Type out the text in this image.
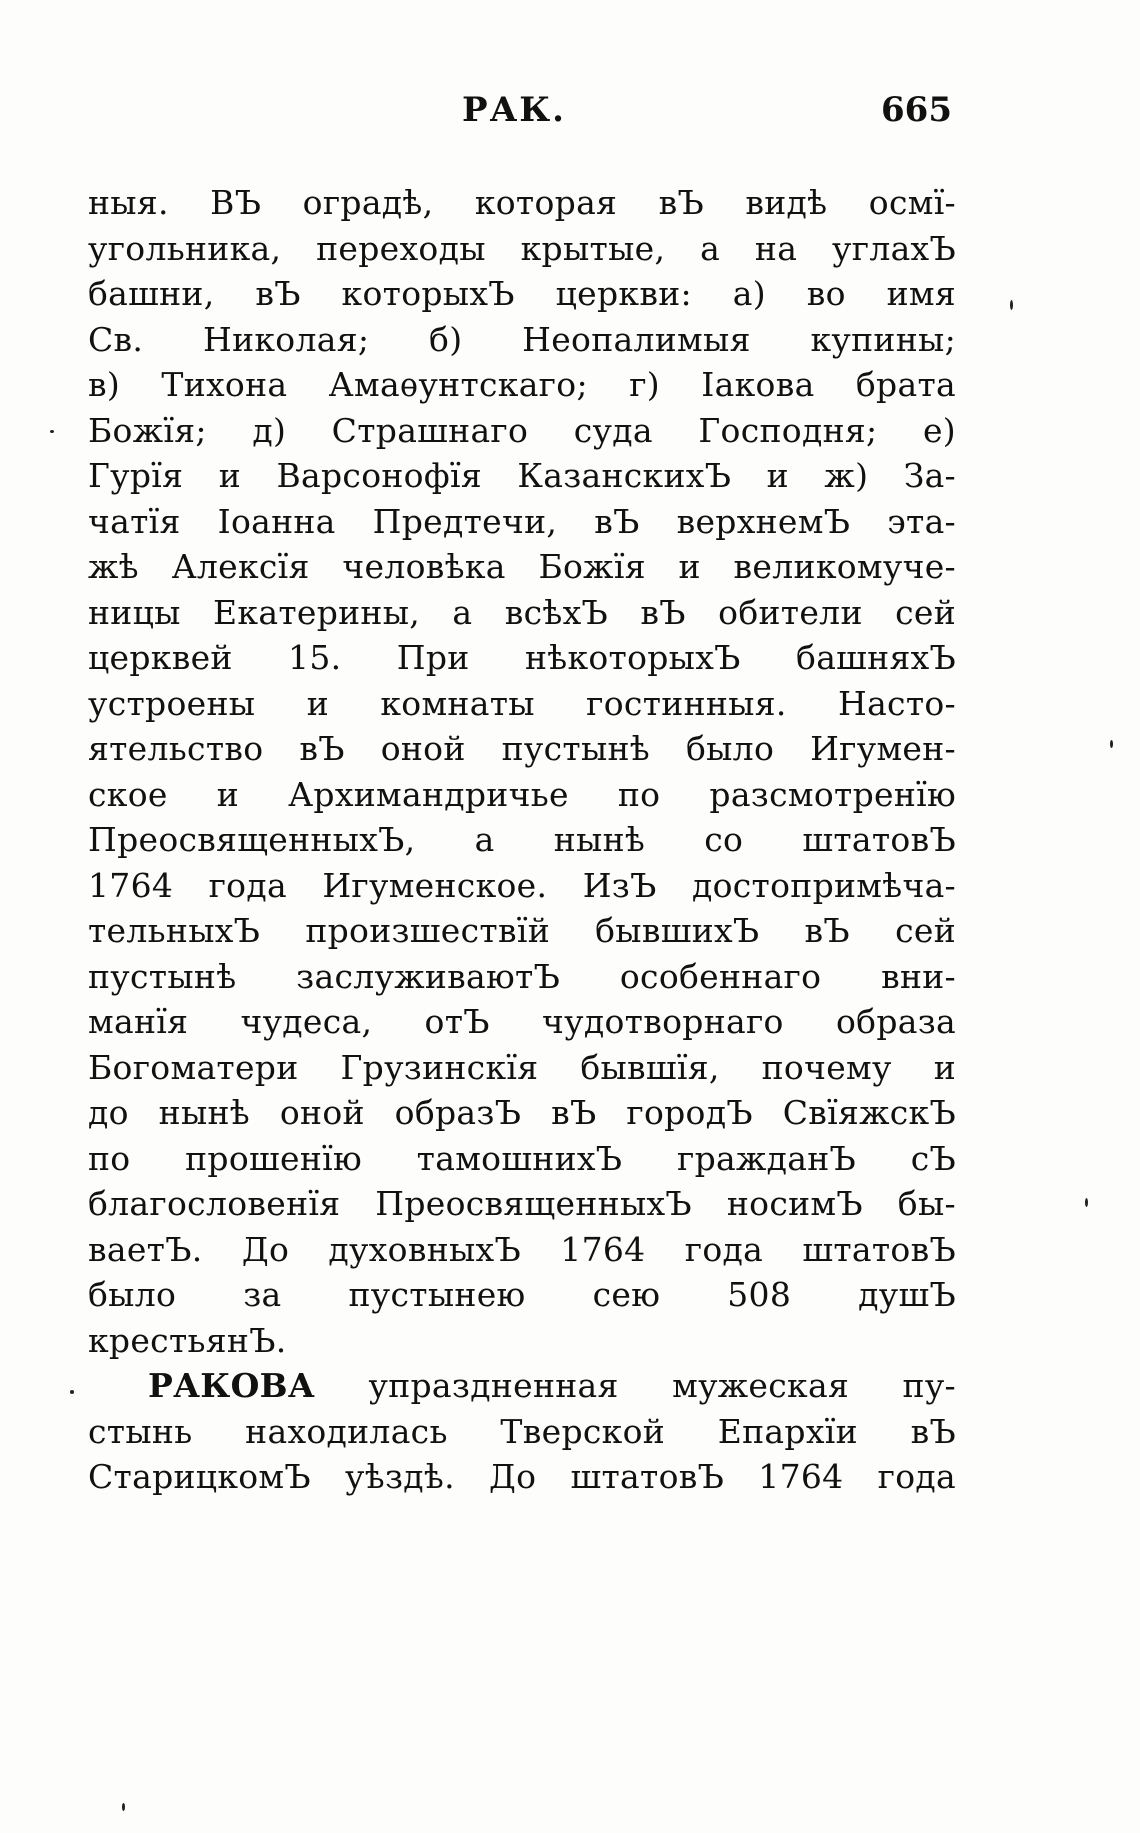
РАК.	665
ныя. ВЪ оградѣ, которая вЪ видѣ осмї-
угольника, переходы крытые, а на углахЪ
башни, вЪ которыхЪ церкви: а) во имя
Св. Николая; б) Неопалимыя купины;
в) Тихона Амаѳунтскаго; г) Іакова брата
Божїя; д) Страшнаго суда Господня; е)
Гурїя и Варсонофїя КазанскихЪ и ж) За-
чатїя Іоанна Предтечи, вЪ верхнемЪ эта-
жѣ Алексїя человѣка Божїя и великомуче-
ницы Екатерины, а всѣхЪ вЪ обители сей
церквей 15. При нѣкоторыхЪ башняхЪ
устроены и комнаты гостинныя. Насто-
ятельство вЪ оной пустынѣ было Игумен-
ское и Архимандричье по разсмотренїю
ПреосвященныхЪ, а нынѣ со штатовЪ
1764 года Игуменское. ИзЪ достопримѣча-
тельныхЪ произшествїй бывшихЪ вЪ сей
пустынѣ заслуживаютЪ особеннаго вни-
манїя чудеса, отЪ чудотворнаго образа
Богоматери Грузинскїя бывшїя, почему и
до нынѣ оной образЪ вЪ городЪ СвїяжскЪ
по прошенїю тамошнихЪ гражданЪ сЪ
благословенїя ПреосвященныхЪ носимЪ бы-
ваетЪ. До духовныхЪ 1764 года штатовЪ
было за пустынею сею 508 душЪ
крестьянЪ.
РАКОВА упраздненная мужеская пу-
стынь находилась Тверской Епархїи вЪ
СтарицкомЪ уѣздѣ. До штатовЪ 1764 года
